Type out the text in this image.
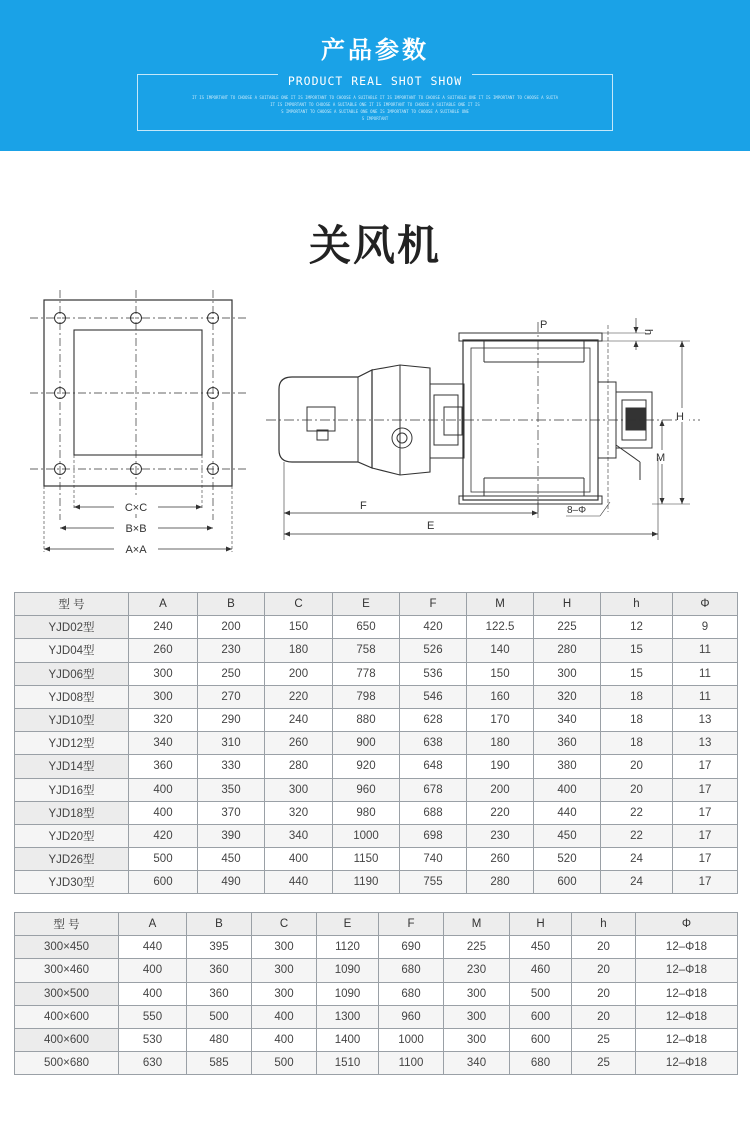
产品参数
PRODUCT REAL SHOT SHOW
IT IS IMPORTANT TO CHOOSE A SUITABLE ONE IT IS IMPORTANT TO CHOOSE A SUITABLE IT IS IMPORTANT TO CHOOSE A SUITABLE ONE IT IS IMPORTANT TO CHOOSE A SUITA
IT IS IMPORTANT TO CHOOSE A SUITABLE ONE IT IS IMPORTANT TO CHOOSE A SUITABLE ONE IT IS
S IMPORTANT TO CHOOSE A SUITABLE ONE ONE IS IMPORTANT TO CHOOSE A SUITABLE ONE
S IMPORTANT
关风机
C×C
B×B
A×A
P
h
H
M
F
E
8–Φ
型 号	A	B	C	E	F	M	H	h	Φ
YJD02型	240	200	150	650	420	122.5	225	12	9
YJD04型	260	230	180	758	526	140	280	15	11
YJD06型	300	250	200	778	536	150	300	15	11
YJD08型	300	270	220	798	546	160	320	18	11
YJD10型	320	290	240	880	628	170	340	18	13
YJD12型	340	310	260	900	638	180	360	18	13
YJD14型	360	330	280	920	648	190	380	20	17
YJD16型	400	350	300	960	678	200	400	20	17
YJD18型	400	370	320	980	688	220	440	22	17
YJD20型	420	390	340	1000	698	230	450	22	17
YJD26型	500	450	400	1150	740	260	520	24	17
YJD30型	600	490	440	1190	755	280	600	24	17
型 号	A	B	C	E	F	M	H	h	Φ
300×450	440	395	300	1120	690	225	450	20	12–Φ18
300×460	400	360	300	1090	680	230	460	20	12–Φ18
300×500	400	360	300	1090	680	300	500	20	12–Φ18
400×600	550	500	400	1300	960	300	600	20	12–Φ18
400×600	530	480	400	1400	1000	300	600	25	12–Φ18
500×680	630	585	500	1510	1100	340	680	25	12–Φ18
